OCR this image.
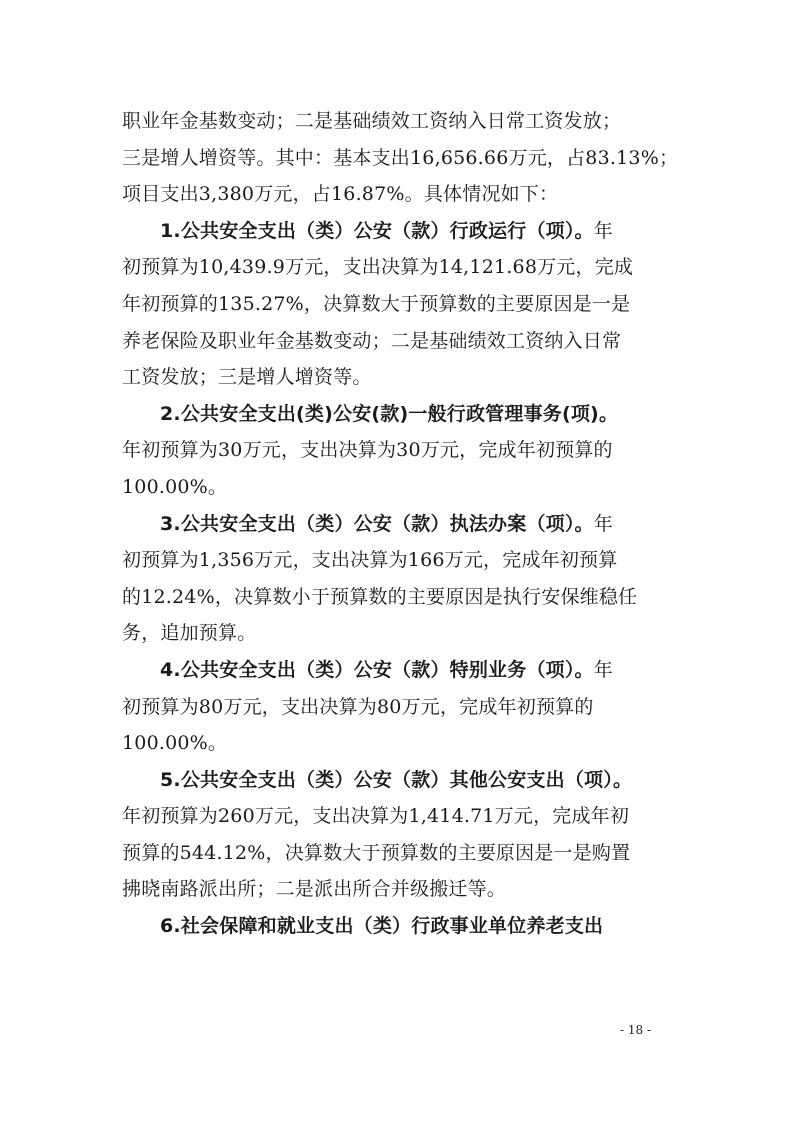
职业年金基数变动；二是基础绩效工资纳入日常工资发放；
三是增人增资等。其中：基本支出16,656.66万元，占83.13%；
项目支出3,380万元，占16.87%。具体情况如下：
1.公共安全支出（类）公安（款）行政运行（项）。年
初预算为10,439.9万元，支出决算为14,121.68万元，完成
年初预算的135.27%，决算数大于预算数的主要原因是一是
养老保险及职业年金基数变动；二是基础绩效工资纳入日常
工资发放；三是增人增资等。
2.公共安全支出(类)公安(款)一般行政管理事务(项)。
年初预算为30万元，支出决算为30万元，完成年初预算的
100.00%。
3.公共安全支出（类）公安（款）执法办案（项）。年
初预算为1,356万元，支出决算为166万元，完成年初预算
的12.24%，决算数小于预算数的主要原因是执行安保维稳任
务，追加预算。
4.公共安全支出（类）公安（款）特别业务（项）。年
初预算为80万元，支出决算为80万元，完成年初预算的
100.00%。
5.公共安全支出（类）公安（款）其他公安支出（项）。
年初预算为260万元，支出决算为1,414.71万元，完成年初
预算的544.12%，决算数大于预算数的主要原因是一是购置
拂晓南路派出所；二是派出所合并级搬迁等。
6.社会保障和就业支出（类）行政事业单位养老支出
- 18 -
